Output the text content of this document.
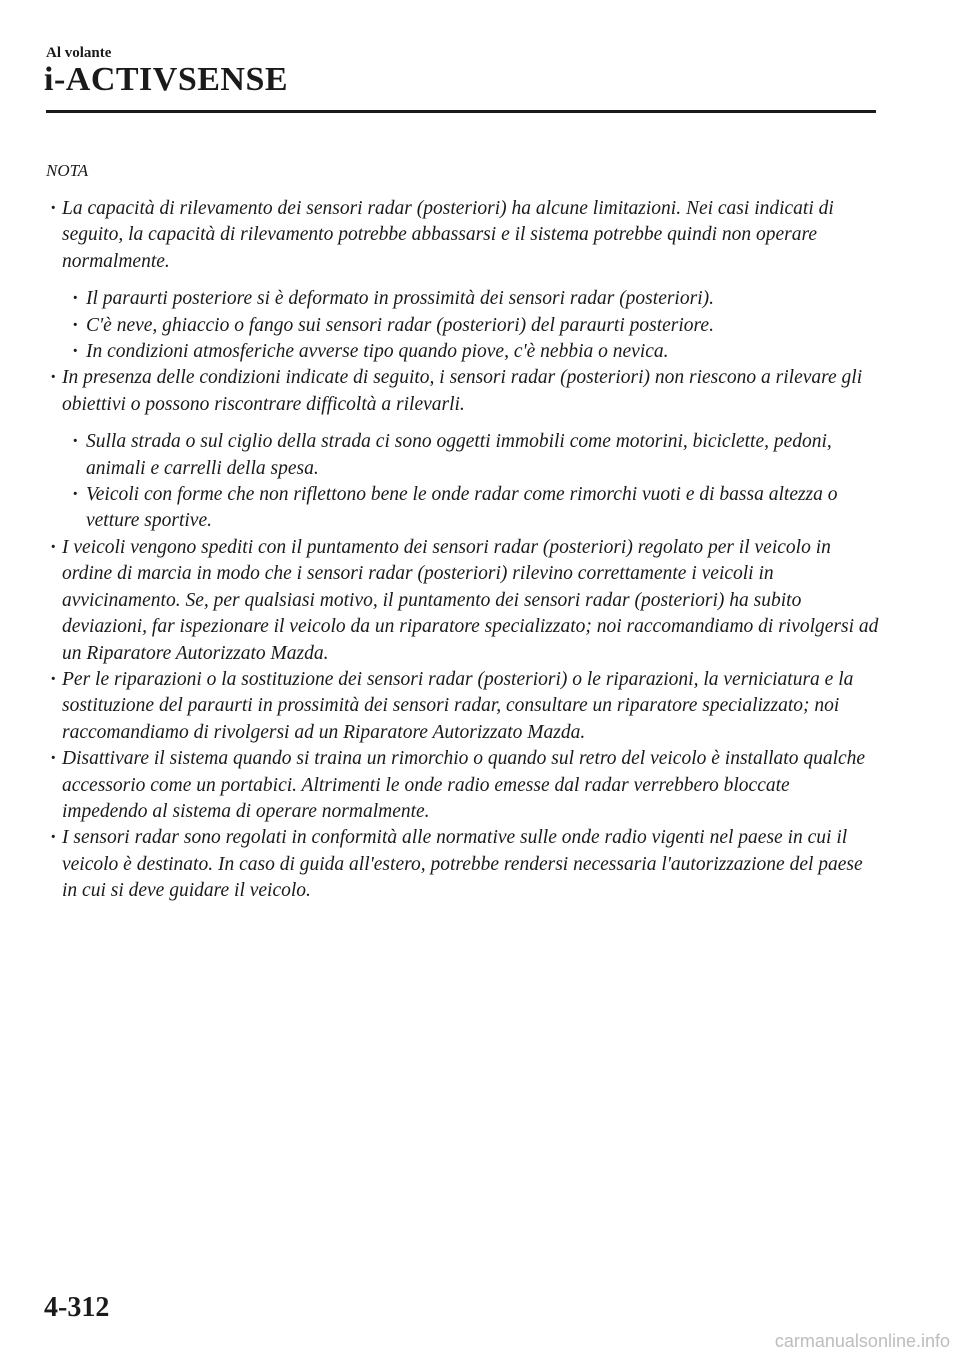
Al volante
i-ACTIVSENSE
NOTA
· La capacità di rilevamento dei sensori radar (posteriori) ha alcune limitazioni. Nei casi indicati di seguito, la capacità di rilevamento potrebbe abbassarsi e il sistema potrebbe quindi non operare normalmente.
· Il paraurti posteriore si è deformato in prossimità dei sensori radar (posteriori).
· C'è neve, ghiaccio o fango sui sensori radar (posteriori) del paraurti posteriore.
· In condizioni atmosferiche avverse tipo quando piove, c'è nebbia o nevica.
· In presenza delle condizioni indicate di seguito, i sensori radar (posteriori) non riescono a rilevare gli obiettivi o possono riscontrare difficoltà a rilevarli.
· Sulla strada o sul ciglio della strada ci sono oggetti immobili come motorini, biciclette, pedoni, animali e carrelli della spesa.
· Veicoli con forme che non riflettono bene le onde radar come rimorchi vuoti e di bassa altezza o vetture sportive.
· I veicoli vengono spediti con il puntamento dei sensori radar (posteriori) regolato per il veicolo in ordine di marcia in modo che i sensori radar (posteriori) rilevino correttamente i veicoli in avvicinamento. Se, per qualsiasi motivo, il puntamento dei sensori radar (posteriori) ha subito deviazioni, far ispezionare il veicolo da un riparatore specializzato; noi raccomandiamo di rivolgersi ad un Riparatore Autorizzato Mazda.
· Per le riparazioni o la sostituzione dei sensori radar (posteriori) o le riparazioni, la verniciatura e la sostituzione del paraurti in prossimità dei sensori radar, consultare un riparatore specializzato; noi raccomandiamo di rivolgersi ad un Riparatore Autorizzato Mazda.
· Disattivare il sistema quando si traina un rimorchio o quando sul retro del veicolo è installato qualche accessorio come un portabici. Altrimenti le onde radio emesse dal radar verrebbero bloccate impedendo al sistema di operare normalmente.
· I sensori radar sono regolati in conformità alle normative sulle onde radio vigenti nel paese in cui il veicolo è destinato. In caso di guida all'estero, potrebbe rendersi necessaria l'autorizzazione del paese in cui si deve guidare il veicolo.
4-312
carmanualsonline.info
